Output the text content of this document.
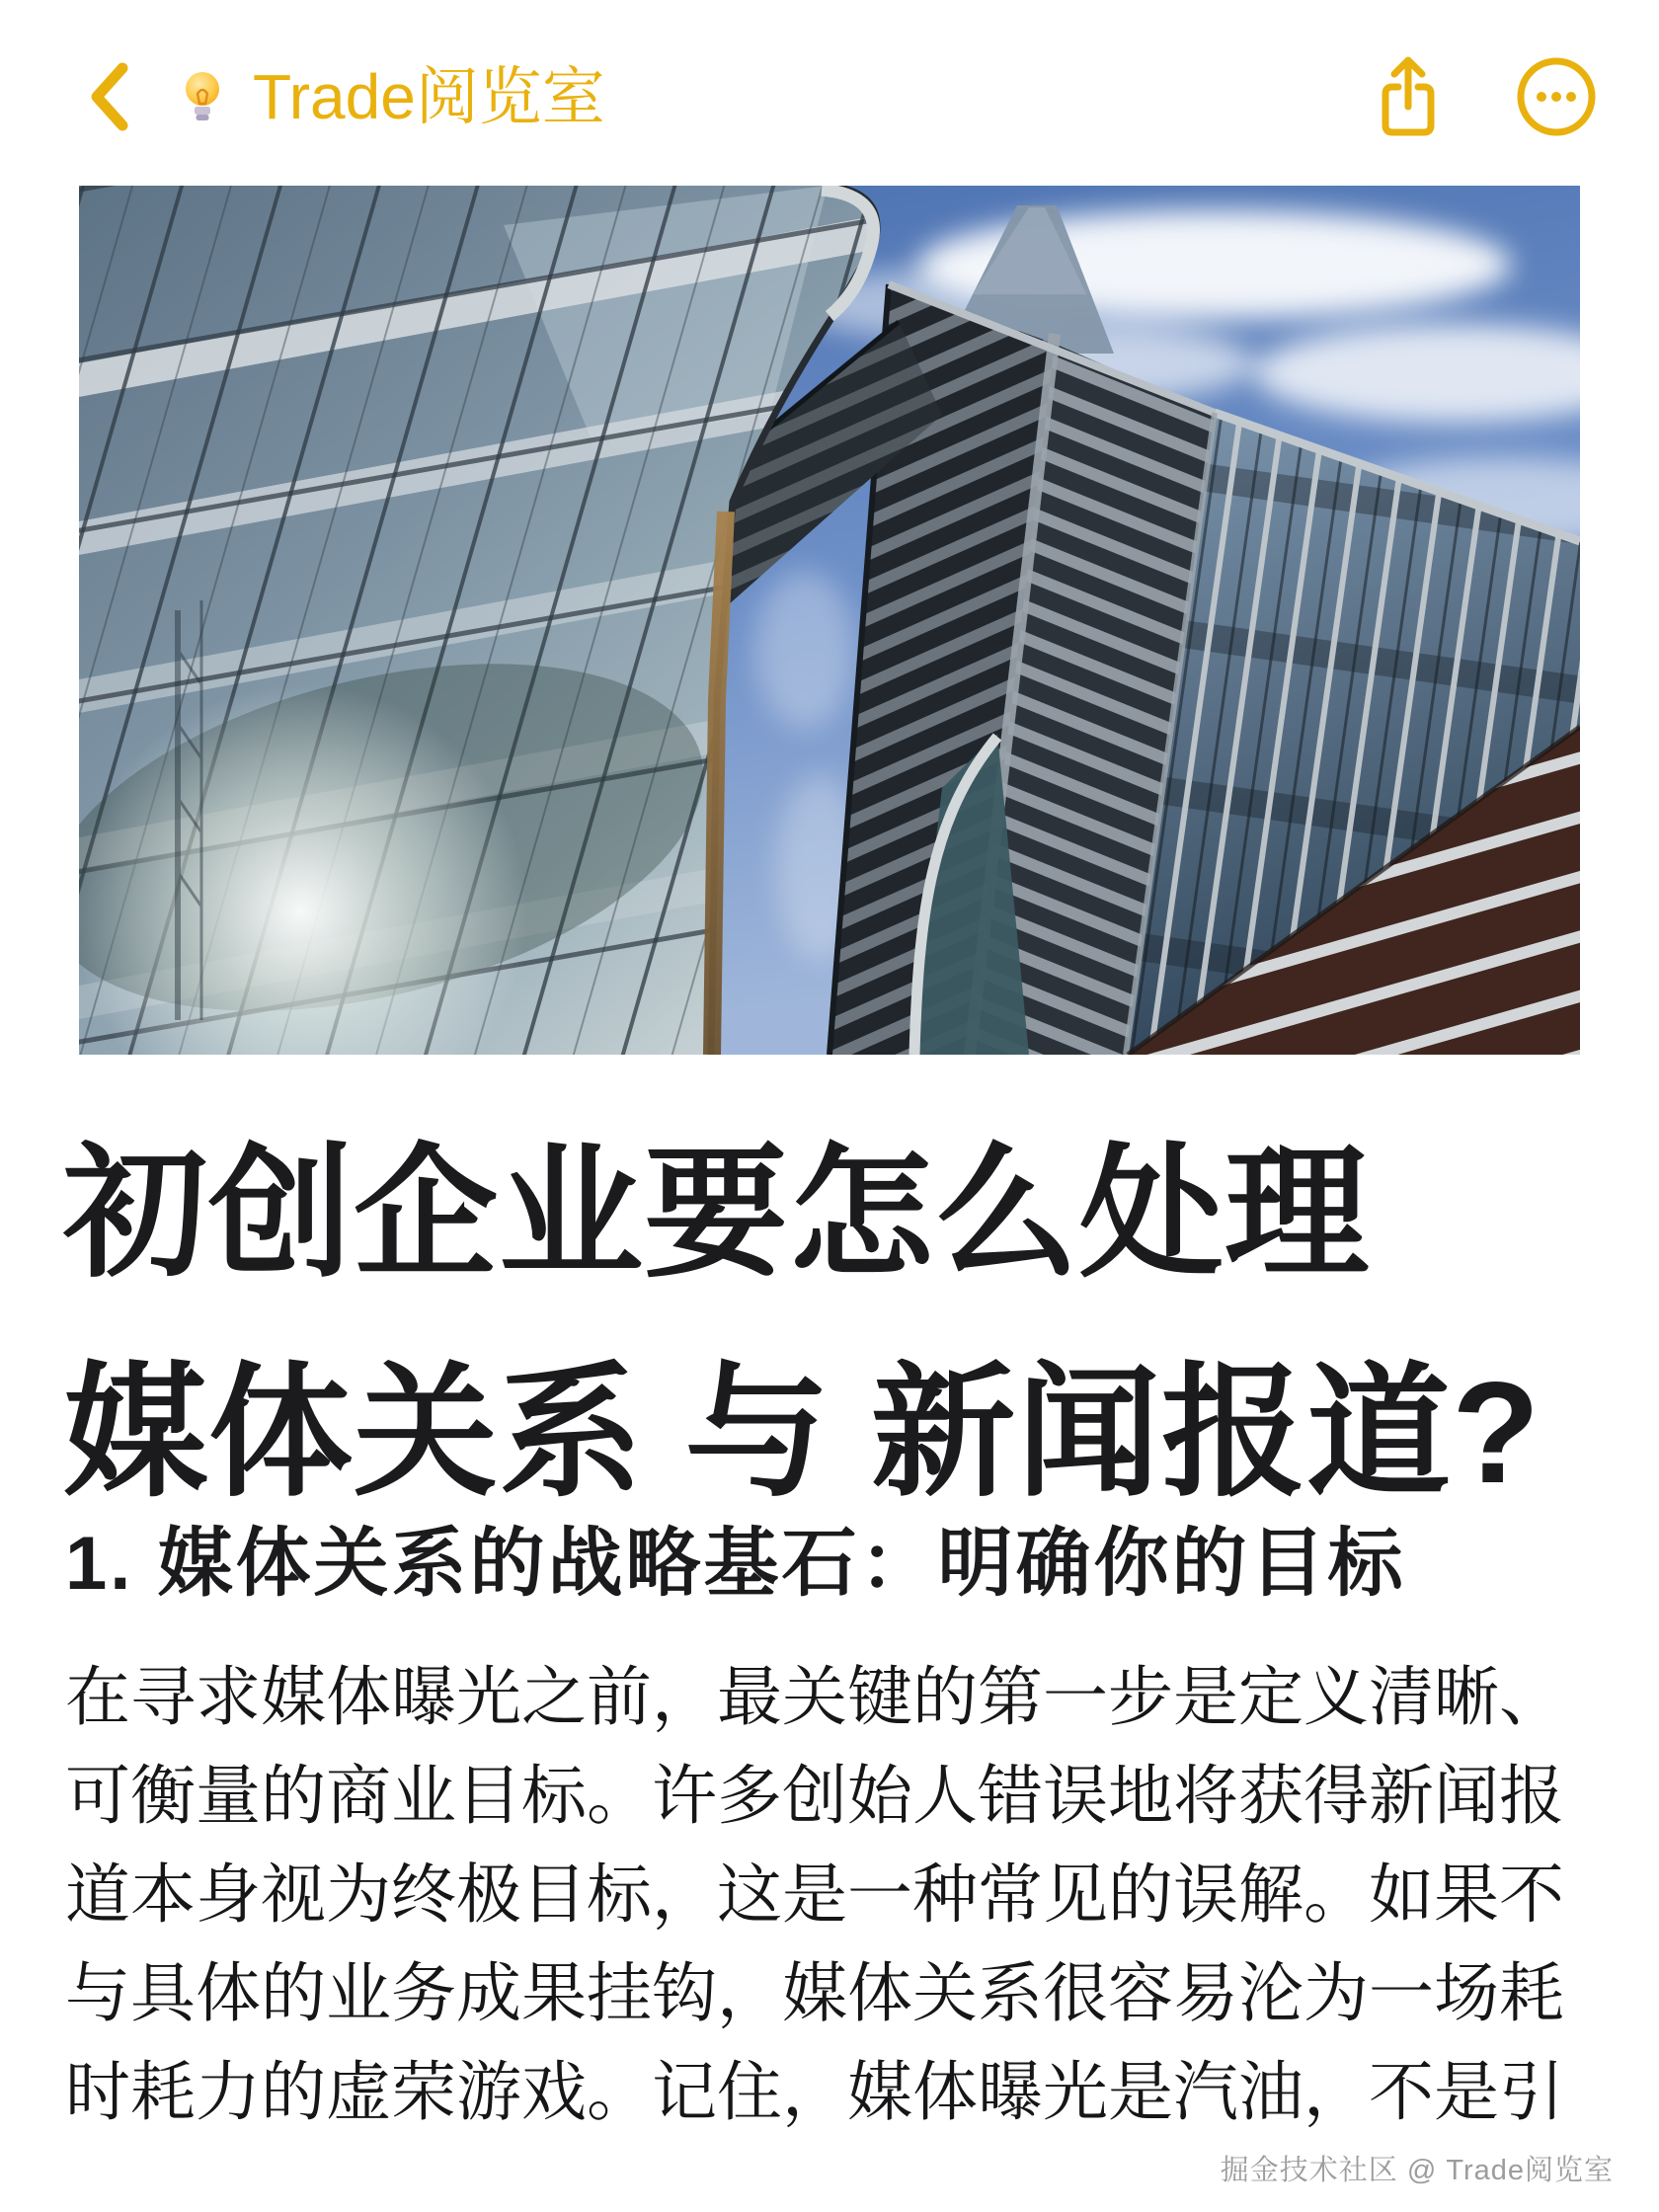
Trade阅览室
初创企业要怎么处理
媒体关系 与 新闻报道?
1. 媒体关系的战略基石：明确你的目标

在寻求媒体曝光之前，最关键的第一步是定义清晰、

可衡量的商业目标。许多创始人错误地将获得新闻报

道本身视为终极目标，这是一种常见的误解。如果不

与具体的业务成果挂钩，媒体关系很容易沦为一场耗

时耗力的虚荣游戏。记住，媒体曝光是汽油，不是引

掘金技术社区 @ Trade阅览室
